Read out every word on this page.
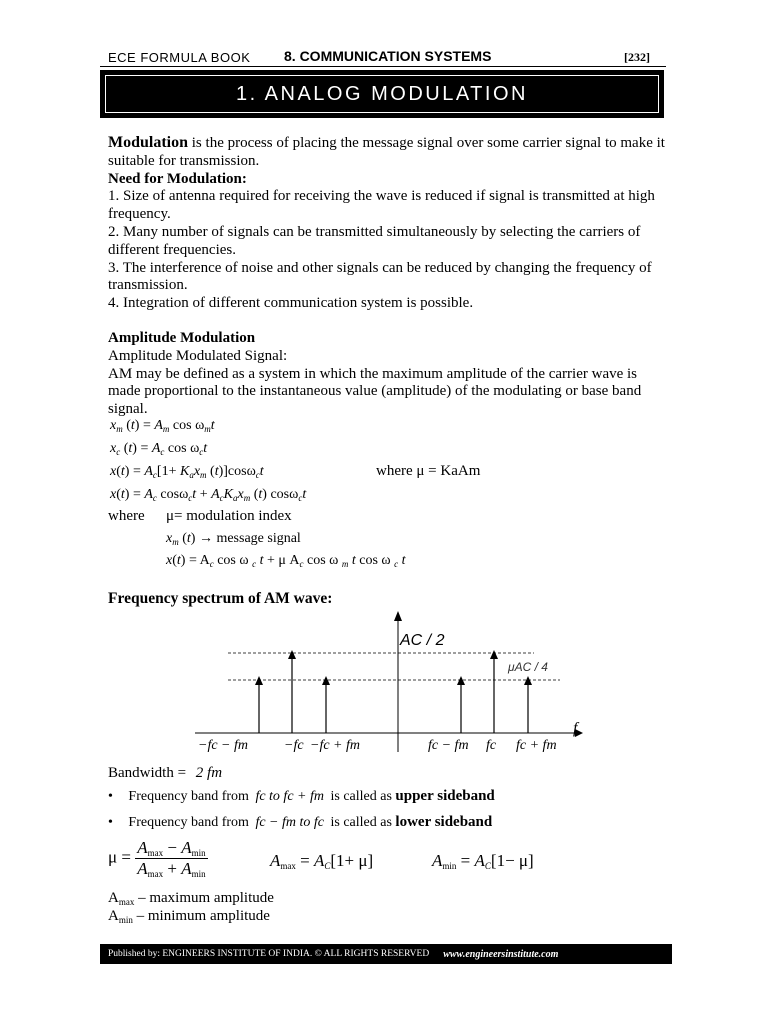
ECE FORMULA BOOK 8. COMMUNICATION SYSTEMS	[232]
1. ANALOG MODULATION

Modulation is the process of placing the message signal over some carrier signal to make it suitable for transmission.

Need for Modulation:

1. Size of antenna required for receiving the wave is reduced if signal is transmitted at high frequency.

2. Many number of signals can be transmitted simultaneously by selecting the carriers of different frequencies.

3. The interference of noise and other signals can be reduced by changing the frequency of transmission.

4. Integration of different communication system is possible.

Amplitude Modulation

Amplitude Modulated Signal:

AM may be defined as a system in which the maximum amplitude of the carrier wave is made proportional to the instantaneous value (amplitude) of the modulating or base band signal.

$x_m$ $(t) = A_m$ $\cos \omega_mt$
$x_c$ $(t) = A_c$ $\cos \omega_ct$
$x(t) = A_c[1+ K_ax_m$ (t)]cosω$_c$t	where μ = KaAm
$x(t) = A_c$ $\cos\omega_ct + A_cK_ax_m$ (t) cosω$_c$t
where μ= modulation index
$x_m$ (t) → message signal
$x(t) = A_c$ cos ω $_c$ t + μ $A_c$ cos ω $_m$ t cos ω $_c$ t
Frequency spectrum of AM wave:
AC / 2
μAC / 4
f
−fc − fm	−fc −fc + fm	fc − fm fc fc + fm
Bandwidth = 2 fm
• Frequency band from fc to fc + fm is called as upper sideband
• Frequency band from fc − fm to fc is called as lower sideband
$\mu = \frac{A_{max} - A_{min}}{A_{max} + A_{min}}$	$A_{max} = A_C[1+ \mu]$	$A_{min} = A_C[1- \mu]$

$A_{max}$ – maximum amplitude

$A_{min}$ – minimum amplitude

Published by: ENGINEERS INSTITUTE OF INDIA. © ALL RIGHTS RESERVED www.engineersinstitute.com
